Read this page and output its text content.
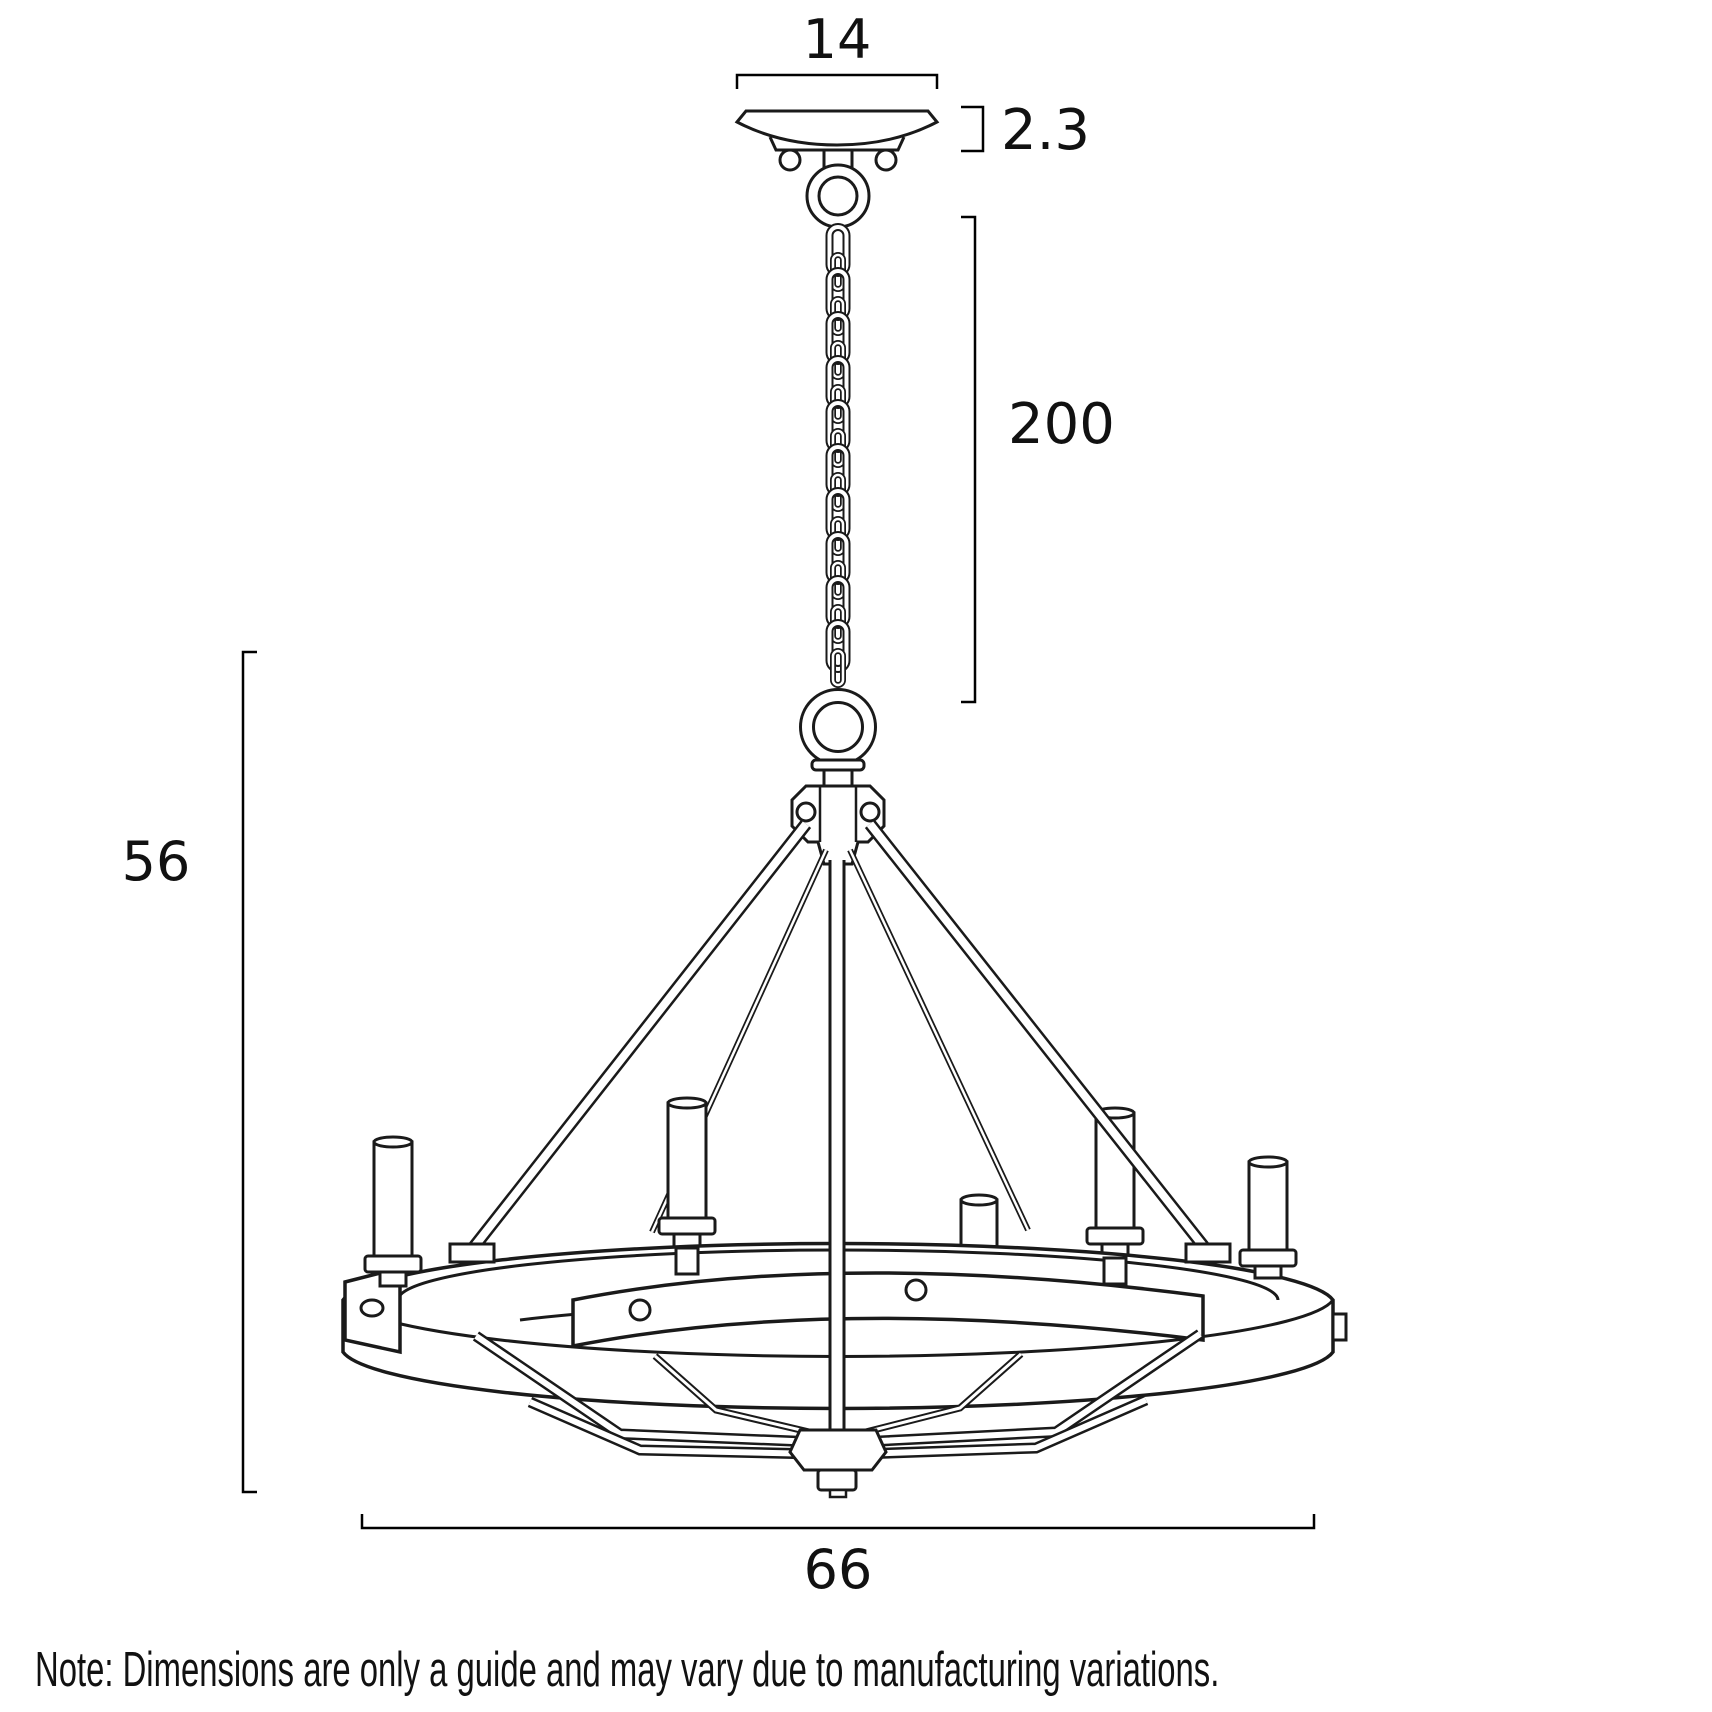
14
2.3
200
56
66
Note: Dimensions are only a guide and may vary due to manufacturing variations.
